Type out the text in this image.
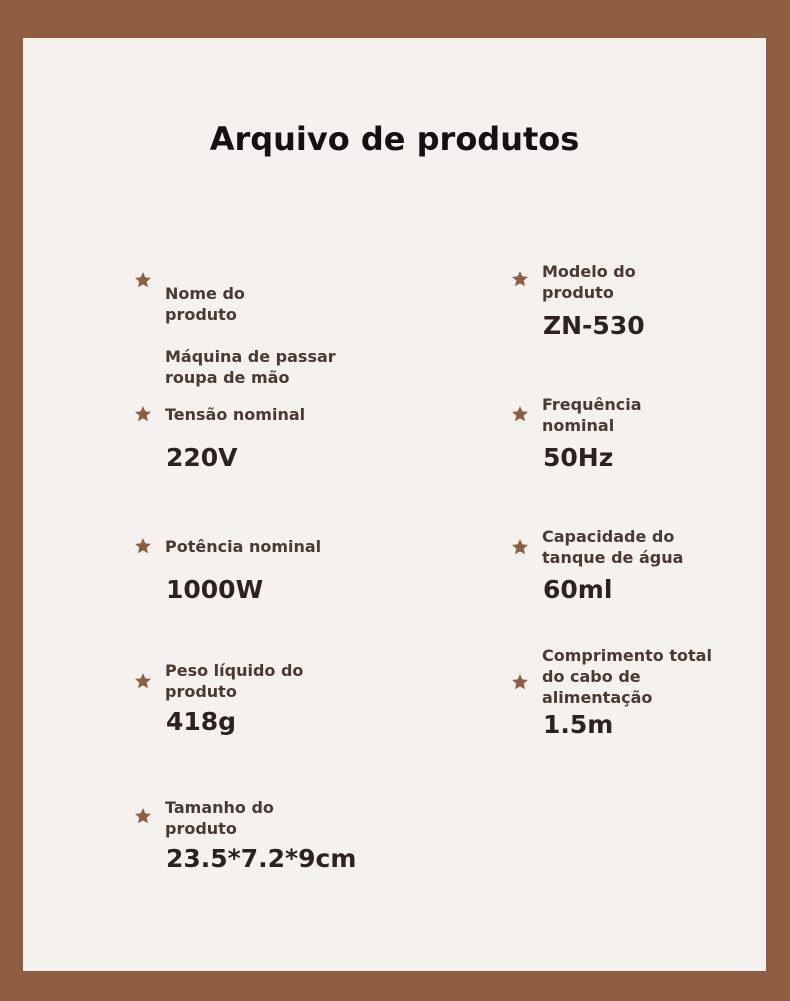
Arquivo de produtos

Nome do
produto

Máquina de passar
roupa de mão

Tensão nominal
220V
Potência nominal
1000W
Peso líquido do
produto
418g
Tamanho do
produto
23.5*7.2*9cm
Modelo do
produto
ZN-530
Frequência
nominal
50Hz
Capacidade do
tanque de água
60ml
Comprimento total
do cabo de
alimentação
1.5m
